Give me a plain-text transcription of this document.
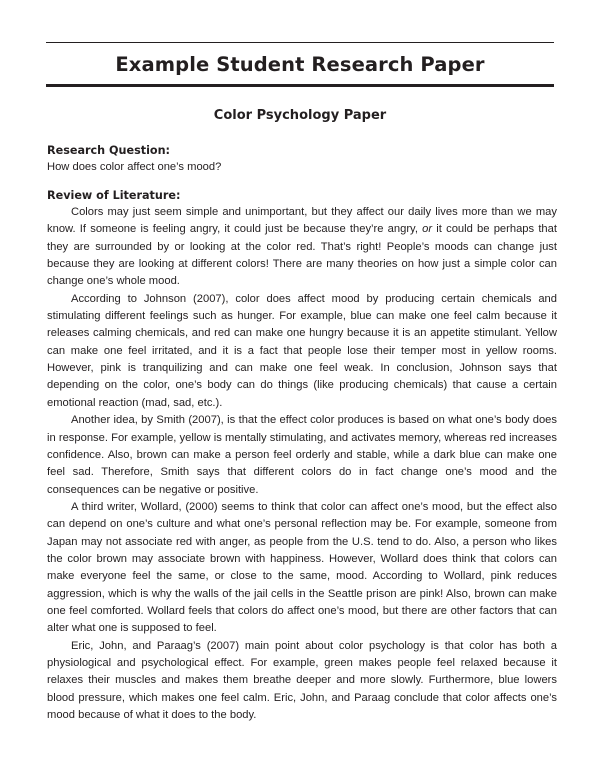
Example Student Research Paper
Color Psychology Paper

Research Question:

How does color affect one’s mood?

Review of Literature:

Colors may just seem simple and unimportant, but they affect our daily lives more than we may know. If someone is feeling angry, it could just be because they’re angry, or it could be perhaps that they are surrounded by or looking at the color red. That’s right! People’s moods can change just because they are looking at different colors! There are many theories on how just a simple color can change one’s whole mood.

According to Johnson (2007), color does affect mood by producing certain chemicals and stimulating different feelings such as hunger. For example, blue can make one feel calm because it releases calming chemicals, and red can make one hungry because it is an appetite stimulant. Yellow can make one feel irritated, and it is a fact that people lose their temper most in yellow rooms. However, pink is tranquilizing and can make one feel weak. In conclusion, Johnson says that depending on the color, one’s body can do things (like producing chemicals) that cause a certain emotional reaction (mad, sad, etc.).

Another idea, by Smith (2007), is that the effect color produces is based on what one’s body does in response. For example, yellow is mentally stimulating, and activates memory, whereas red increases confidence. Also, brown can make a person feel orderly and stable, while a dark blue can make one feel sad. Therefore, Smith says that different colors do in fact change one’s mood and the consequences can be negative or positive.

A third writer, Wollard, (2000) seems to think that color can affect one’s mood, but the effect also can depend on one’s culture and what one’s personal reflection may be. For example, someone from Japan may not associate red with anger, as people from the U.S. tend to do. Also, a person who likes the color brown may associate brown with happiness. However, Wollard does think that colors can make everyone feel the same, or close to the same, mood. According to Wollard, pink reduces aggression, which is why the walls of the jail cells in the Seattle prison are pink! Also, brown can make one feel comforted. Wollard feels that colors do affect one’s mood, but there are other factors that can alter what one is supposed to feel.

Eric, John, and Paraag’s (2007) main point about color psychology is that color has both a physiological and psychological effect. For example, green makes people feel relaxed because it relaxes their muscles and makes them breathe deeper and more slowly. Furthermore, blue lowers blood pressure, which makes one feel calm. Eric, John, and Paraag conclude that color affects one’s mood because of what it does to the body.
